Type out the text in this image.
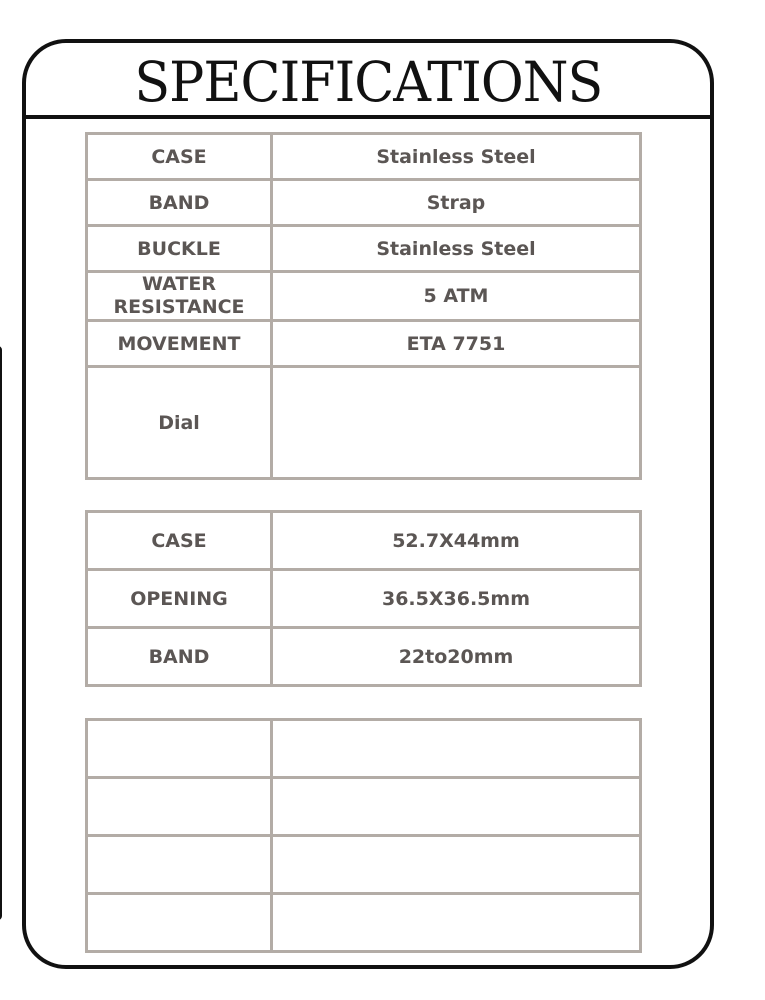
SPECIFICATIONS
CASE	Stainless Steel
BAND	Strap
BUCKLE	Stainless Steel

WATER
RESISTANCE	5 ATM
MOVEMENT	ETA 7751
Dial	
CASE	52.7X44mm
OPENING	36.5X36.5mm
BAND	22to20mm
